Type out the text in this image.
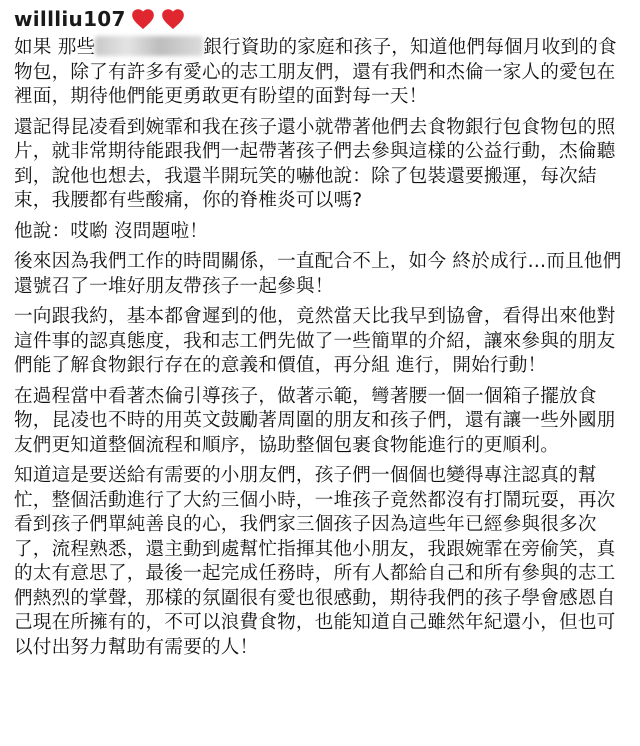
willliu107

如果 那些	銀行資助的家庭和孩子，知道他們每個月收到的食物包，除了有許多有愛心的志工朋友們，還有我們和杰倫一家人的愛包在裡面，期待他們能更勇敢更有盼望的面對每一天！

還記得昆凌看到婉霏和我在孩子還小就帶著他們去食物銀行包食物包的照片，就非常期待能跟我們一起帶著孩子們去參與這樣的公益行動，杰倫聽到，說他也想去，我還半開玩笑的嚇他說：除了包裝還要搬運，每次結束，我腰都有些酸痛，你的脊椎炎可以嗎?

他說：哎喲 沒問題啦！

後來因為我們工作的時間關係，一直配合不上，如今 終於成行…而且他們還號召了一堆好朋友帶孩子一起參與！

一向跟我約，基本都會遲到的他，竟然當天比我早到協會，看得出來他對這件事的認真態度，我和志工們先做了一些簡單的介紹，讓來參與的朋友們能了解食物銀行存在的意義和價值，再分組 進行，開始行動！

在過程當中看著杰倫引導孩子，做著示範，彎著腰一個一個箱子擺放食物，昆凌也不時的用英文鼓勵著周圍的朋友和孩子們，還有讓一些外國朋友們更知道整個流程和順序，協助整個包裹食物能進行的更順利。

知道這是要送給有需要的小朋友們，孩子們一個個也變得專注認真的幫忙，整個活動進行了大約三個小時，一堆孩子竟然都沒有打鬧玩耍，再次看到孩子們單純善良的心，我們家三個孩子因為這些年已經參與很多次了，流程熟悉，還主動到處幫忙指揮其他小朋友，我跟婉霏在旁偷笑，真的太有意思了，最後一起完成任務時，所有人都給自己和所有參與的志工們熱烈的掌聲，那樣的氛圍很有愛也很感動，期待我們的孩子學會感恩自己現在所擁有的，不可以浪費食物，也能知道自己雖然年紀還小，但也可以付出努力幫助有需要的人！
